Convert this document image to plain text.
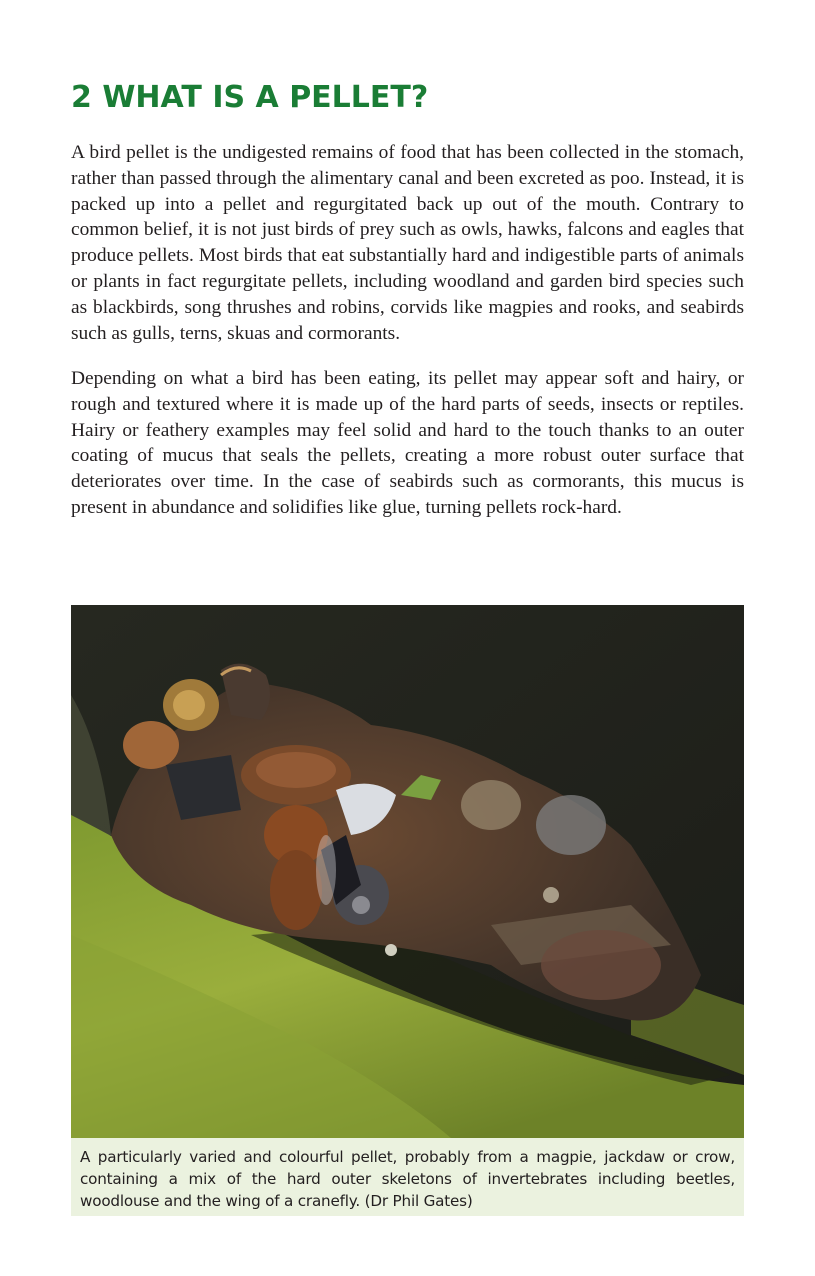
2 WHAT IS A PELLET?

A bird pellet is the undigested remains of food that has been collected in the stomach, rather than passed through the alimentary canal and been excreted as poo. Instead, it is packed up into a pellet and regurgitated back up out of the mouth. Contrary to common belief, it is not just birds of prey such as owls, hawks, falcons and eagles that produce pellets. Most birds that eat substantially hard and indigestible parts of animals or plants in fact regurgitate pellets, including woodland and garden bird species such as blackbirds, song thrushes and robins, corvids like magpies and rooks, and seabirds such as gulls, terns, skuas and cormorants.

Depending on what a bird has been eating, its pellet may appear soft and hairy, or rough and textured where it is made up of the hard parts of seeds, insects or reptiles. Hairy or feathery examples may feel solid and hard to the touch thanks to an outer coating of mucus that seals the pellets, creating a more robust outer surface that deteriorates over time. In the case of seabirds such as cormorants, this mucus is present in abundance and solidifies like glue, turning pellets rock-hard.

A particularly varied and colourful pellet, probably from a magpie, jackdaw or crow, containing a mix of the hard outer skeletons of invertebrates including beetles, woodlouse and the wing of a cranefly. (Dr Phil Gates)
